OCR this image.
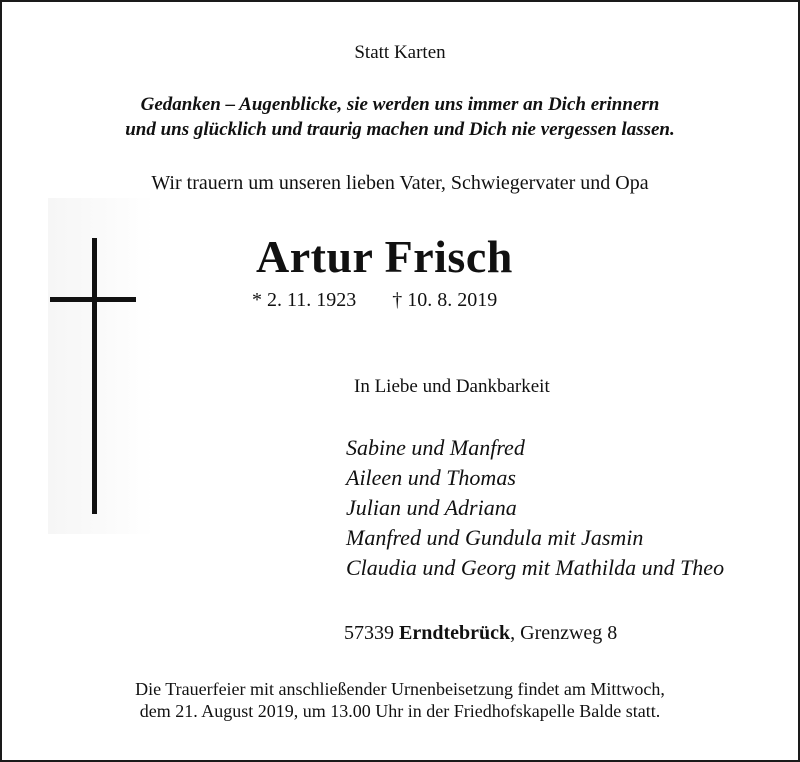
Statt Karten
Gedanken – Augenblicke, sie werden uns immer an Dich erinnern
und uns glücklich und traurig machen und Dich nie vergessen lassen.
Wir trauern um unseren lieben Vater, Schwiegervater und Opa
Artur Frisch
* 2. 11. 1923 † 10. 8. 2019
In Liebe und Dankbarkeit
Sabine und Manfred
Aileen und Thomas
Julian und Adriana
Manfred und Gundula mit Jasmin
Claudia und Georg mit Mathilda und Theo
57339 Erndtebrück, Grenzweg 8
Die Trauerfeier mit anschließender Urnenbeisetzung findet am Mittwoch,
dem 21. August 2019, um 13.00 Uhr in der Friedhofskapelle Balde statt.
